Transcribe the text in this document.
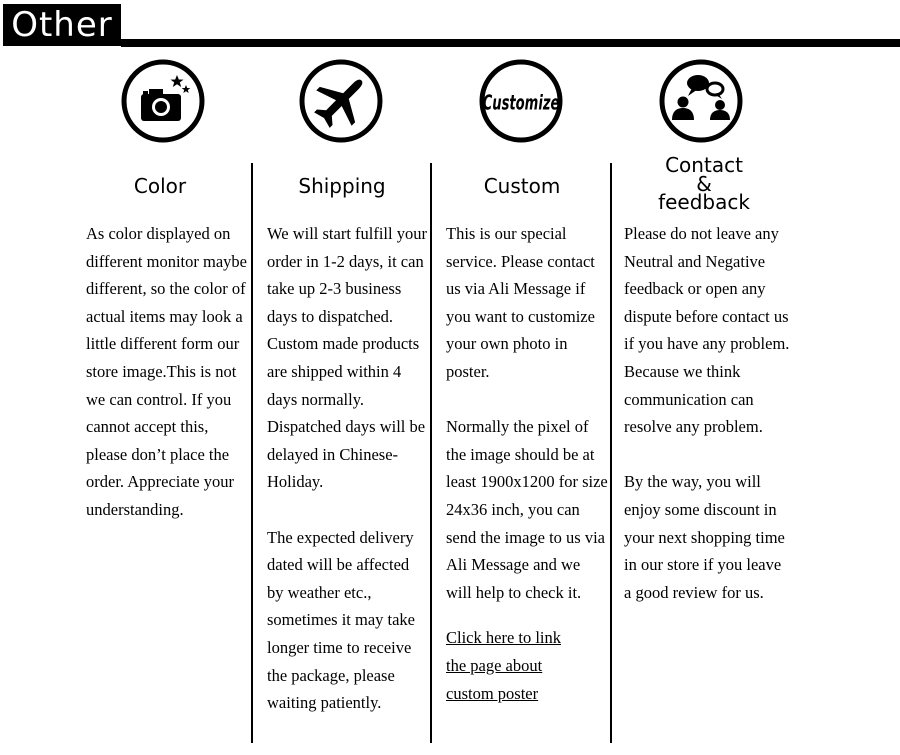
Other
Customize
Color	Shipping	Custom
Contact
&
feedback

As color displayed on different monitor maybe different, so the color of actual items may look a little different form our store image.This is not we can control. If you cannot accept this, please don’t place the order. Appreciate your understanding.

We will start fulfill your order in 1-2 days, it can take up 2-3 business days to dispatched. Custom made products are shipped within 4 days normally. Dispatched days will be delayed in Chinese-Holiday.

The expected delivery dated will be affected by weather etc., sometimes it may take longer time to receive the package, please waiting patiently.

This is our special service. Please contact us via Ali Message if you want to customize your own photo in poster.

Normally the pixel of the image should be at least 1900x1200 for size 24x36 inch, you can send the image to us via Ali Message and we will help to check it.

Click here to link the page about custom poster

Please do not leave any Neutral and Negative feedback or open any dispute before contact us if you have any problem. Because we think communication can resolve any problem.

By the way, you will enjoy some discount in your next shopping time in our store if you leave a good review for us.
